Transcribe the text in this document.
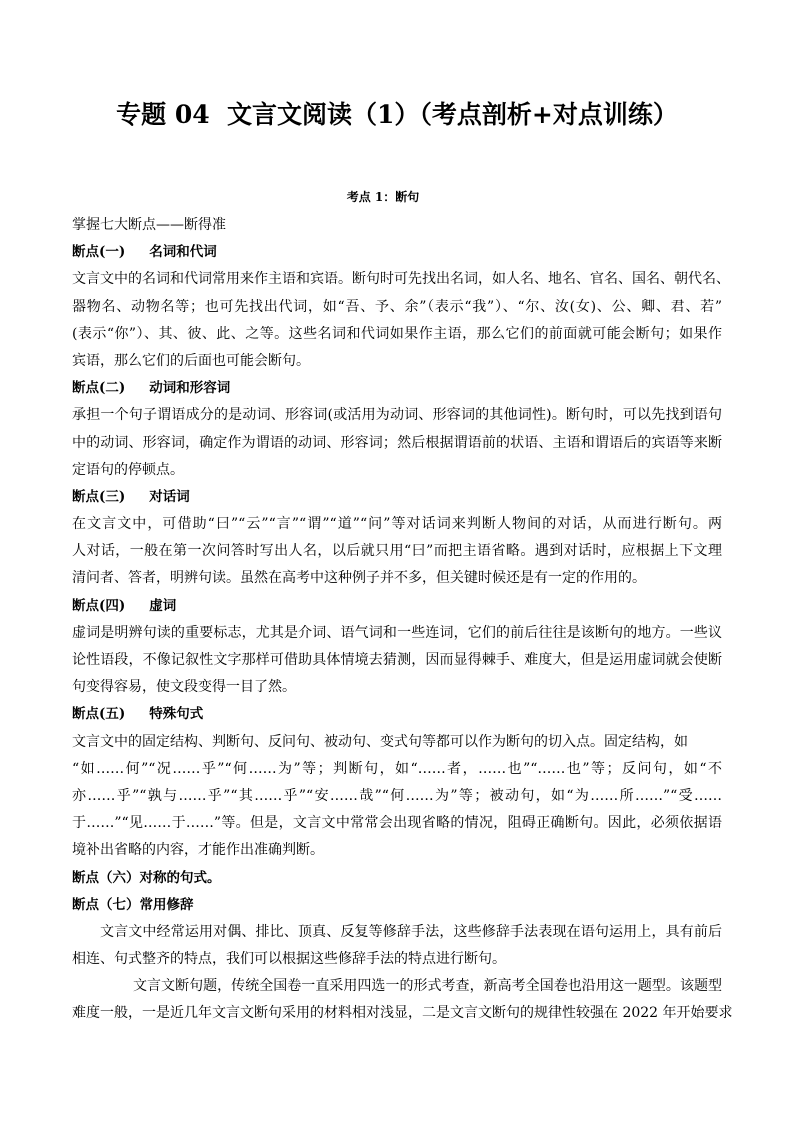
专题 04  文言文阅读（1）（考点剖析+对点训练）
考点 1：断句
掌握七大断点——断得准
断点(一) 名词和代词
文言文中的名词和代词常用来作主语和宾语。断句时可先找出名词，如人名、地名、官名、国名、朝代名、
器物名、动物名等；也可先找出代词，如“吾、予、余”（表示“我”）、“尔、汝(女)、公、卿、君、若”
(表示“你”）、其、彼、此、之等。这些名词和代词如果作主语，那么它们的前面就可能会断句；如果作
宾语，那么它们的后面也可能会断句。
断点(二) 动词和形容词
承担一个句子谓语成分的是动词、形容词(或活用为动词、形容词的其他词性)。断句时，可以先找到语句
中的动词、形容词，确定作为谓语的动词、形容词；然后根据谓语前的状语、主语和谓语后的宾语等来断
定语句的停顿点。
断点(三) 对话词
在文言文中，可借助“曰”“云”“言”“谓”“道”“问”等对话词来判断人物间的对话，从而进行断句。两
人对话，一般在第一次问答时写出人名，以后就只用“曰”而把主语省略。遇到对话时，应根据上下文理
清问者、答者，明辨句读。虽然在高考中这种例子并不多，但关键时候还是有一定的作用的。
断点(四) 虚词
虚词是明辨句读的重要标志，尤其是介词、语气词和一些连词，它们的前后往往是该断句的地方。一些议
论性语段，不像记叙性文字那样可借助具体情境去猜测，因而显得棘手、难度大，但是运用虚词就会使断
句变得容易，使文段变得一目了然。
断点(五) 特殊句式
文言文中的固定结构、判断句、反问句、被动句、变式句等都可以作为断句的切入点。固定结构，如
“如……何”“况……乎”“何……为”等；判断句，如“……者，……也”“……也”等；反问句，如“不
亦……乎”“孰与……乎”“其……乎”“安……哉”“何……为”等；被动句，如“为……所……”“受……
于……”“见……于……”等。但是，文言文中常常会出现省略的情况，阻碍正确断句。因此，必须依据语
境补出省略的内容，才能作出准确判断。
断点（六）对称的句式。
断点（七）常用修辞
文言文中经常运用对偶、排比、顶真、反复等修辞手法，这些修辞手法表现在语句运用上，具有前后
相连、句式整齐的特点，我们可以根据这些修辞手法的特点进行断句。
文言文断句题，传统全国卷一直采用四选一的形式考查，新高考全国卷也沿用这一题型。该题型
难度一般，一是近几年文言文断句采用的材料相对浅显，二是文言文断句的规律性较强在 2022 年开始要求
